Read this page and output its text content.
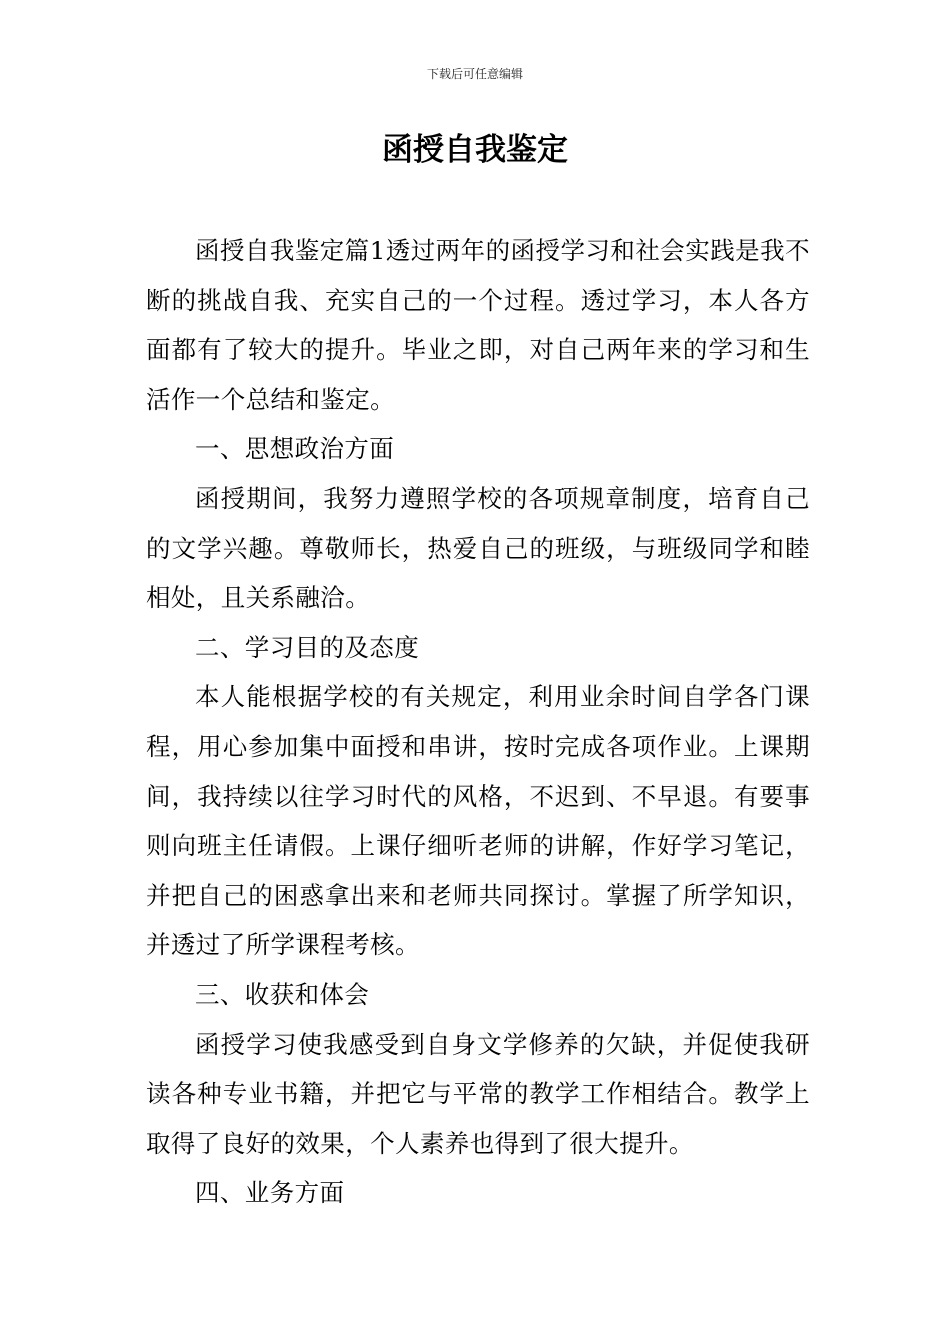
下载后可任意编辑
函授自我鉴定

函授自我鉴定篇1透过两年的函授学习和社会实践是我不断的挑战自我、充实自己的一个过程。透过学习，本人各方面都有了较大的提升。毕业之即，对自己两年来的学习和生活作一个总结和鉴定。

一、思想政治方面

函授期间，我努力遵照学校的各项规章制度，培育自己的文学兴趣。尊敬师长，热爱自己的班级，与班级同学和睦相处，且关系融洽。

二、学习目的及态度

本人能根据学校的有关规定，利用业余时间自学各门课程，用心参加集中面授和串讲，按时完成各项作业。上课期间，我持续以往学习时代的风格，不迟到、不早退。有要事则向班主任请假。上课仔细听老师的讲解，作好学习笔记，并把自己的困惑拿出来和老师共同探讨。掌握了所学知识，并透过了所学课程考核。

三、收获和体会

函授学习使我感受到自身文学修养的欠缺，并促使我研读各种专业书籍，并把它与平常的教学工作相结合。教学上取得了良好的效果，个人素养也得到了很大提升。

四、业务方面
